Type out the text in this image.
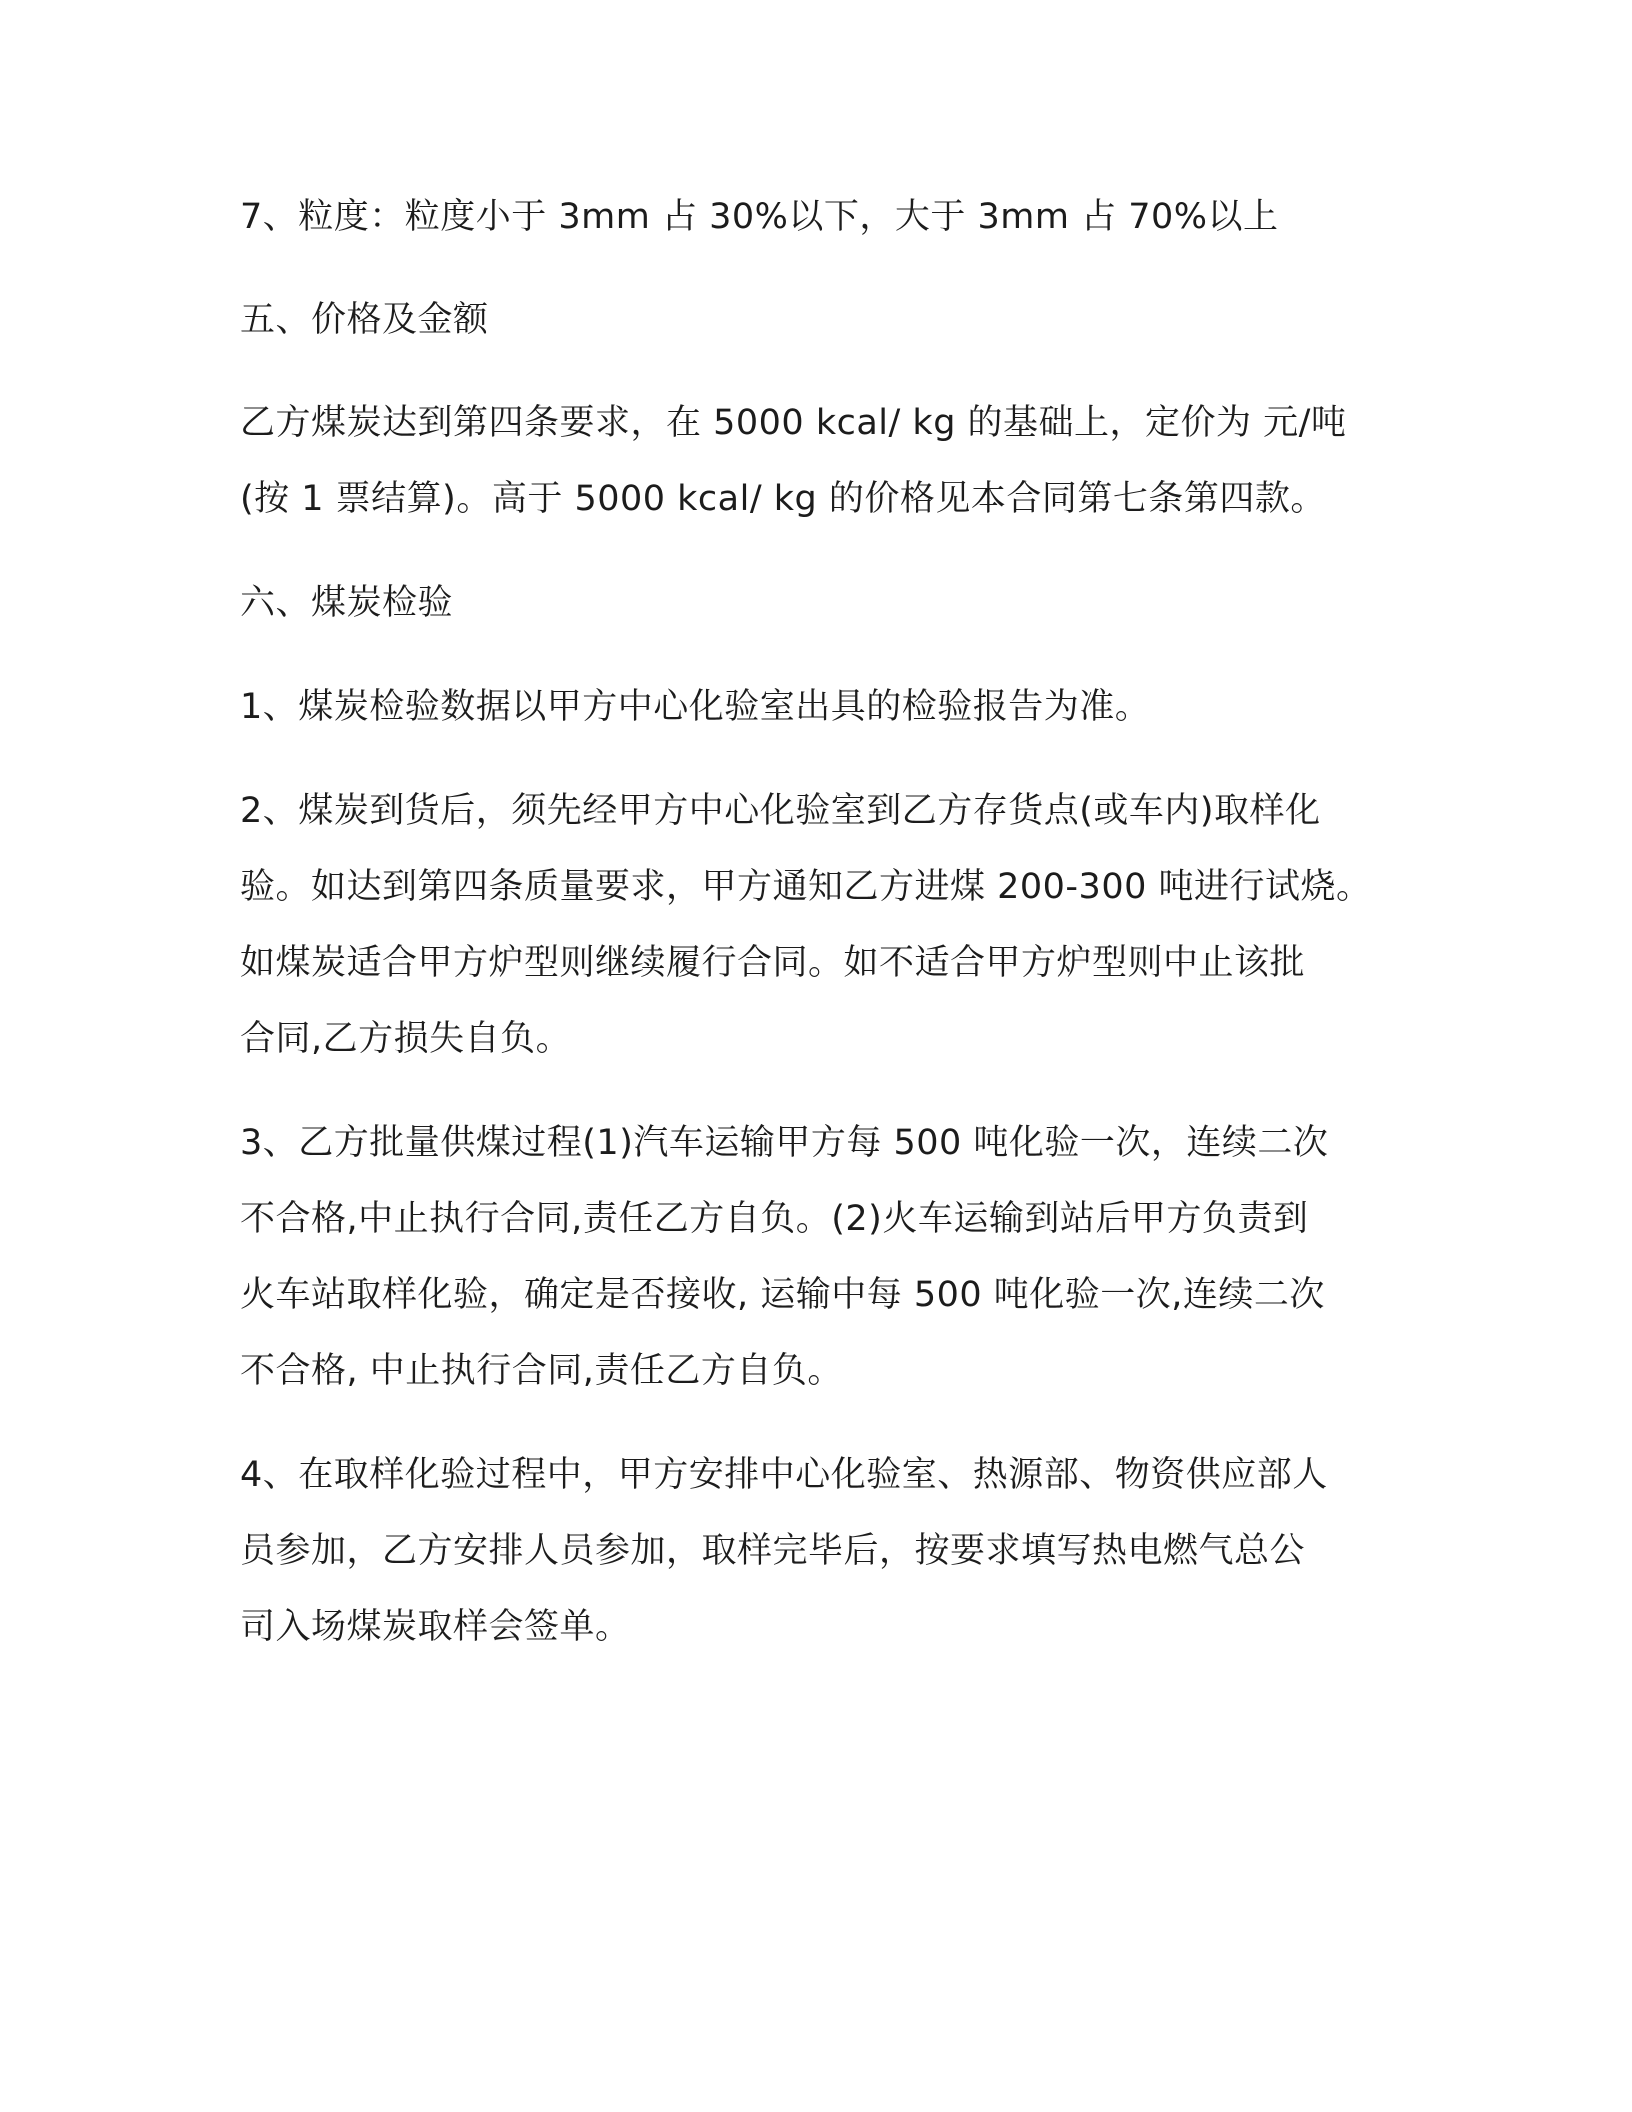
7、粒度：粒度小于 3mm 占 30%以下，大于 3mm 占 70%以上

五、价格及金额

乙方煤炭达到第四条要求，在 5000 kcal/ kg 的基础上，定价为 元/吨

(按 1 票结算)。高于 5000 kcal/ kg 的价格见本合同第七条第四款。

六、煤炭检验

1、煤炭检验数据以甲方中心化验室出具的检验报告为准。

2、煤炭到货后，须先经甲方中心化验室到乙方存货点(或车内)取样化

验。如达到第四条质量要求，甲方通知乙方进煤 200-300 吨进行试烧。

如煤炭适合甲方炉型则继续履行合同。如不适合甲方炉型则中止该批

合同,乙方损失自负。

3、乙方批量供煤过程(1)汽车运输甲方每 500 吨化验一次，连续二次

不合格,中止执行合同,责任乙方自负。(2)火车运输到站后甲方负责到

火车站取样化验，确定是否接收, 运输中每 500 吨化验一次,连续二次

不合格, 中止执行合同,责任乙方自负。

4、在取样化验过程中，甲方安排中心化验室、热源部、物资供应部人

员参加，乙方安排人员参加，取样完毕后，按要求填写热电燃气总公

司入场煤炭取样会签单。
